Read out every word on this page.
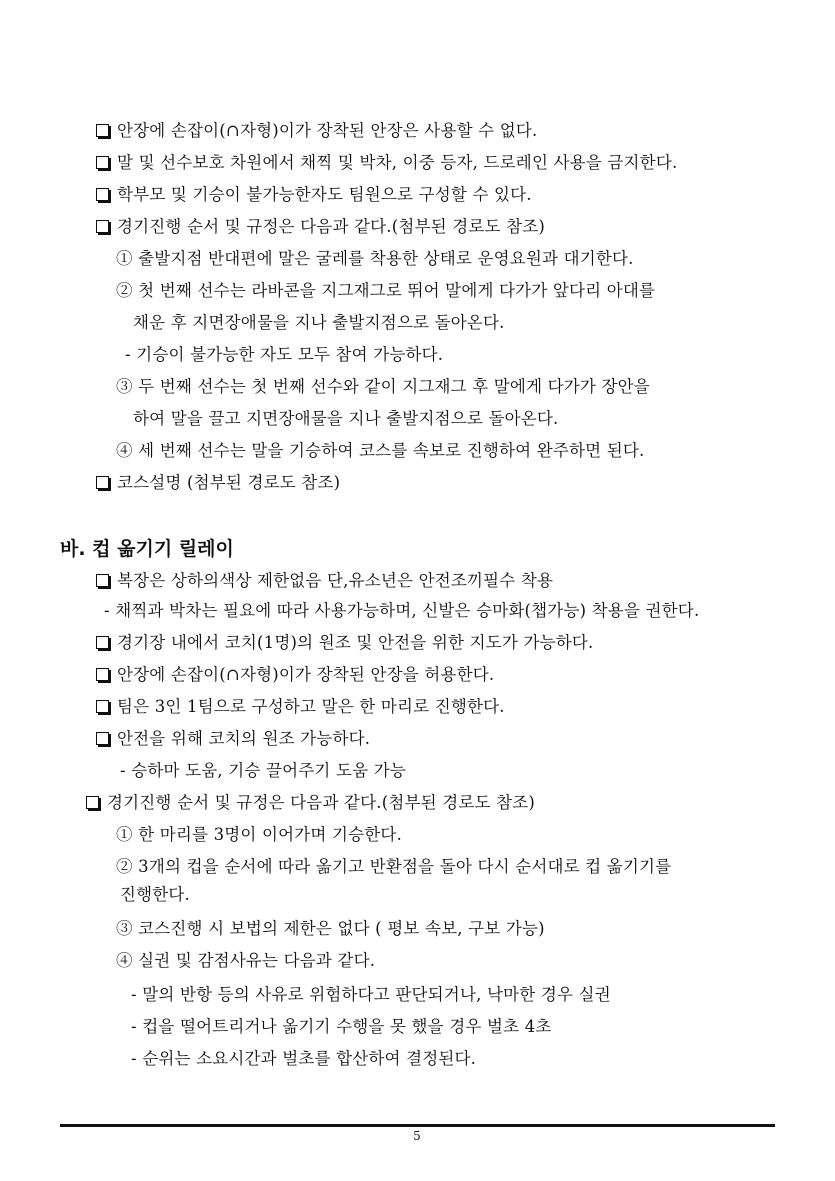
안장에 손잡이(∩자형)이가 장착된 안장은 사용할 수 없다.
말 및 선수보호 차원에서 채찍 및 박차, 이중 등자, 드로레인 사용을 금지한다.
학부모 및 기승이 불가능한자도 팀원으로 구성할 수 있다.
경기진행 순서 및 규정은 다음과 같다.(첨부된 경로도 참조)
① 출발지점 반대편에 말은 굴레를 착용한 상태로 운영요원과 대기한다.
② 첫 번째 선수는 라바콘을 지그재그로 뛰어 말에게 다가가 앞다리 아대를
채운 후 지면장애물을 지나 출발지점으로 돌아온다.
- 기승이 불가능한 자도 모두 참여 가능하다.
③ 두 번째 선수는 첫 번째 선수와 같이 지그재그 후 말에게 다가가 장안을
하여 말을 끌고 지면장애물을 지나 출발지점으로 돌아온다.
④ 세 번째 선수는 말을 기승하여 코스를 속보로 진행하여 완주하면 된다.
코스설명 (첨부된 경로도 참조)
바. 컵 옮기기 릴레이
복장은 상하의색상 제한없음 단,유소년은 안전조끼필수 착용
- 채찍과 박차는 필요에 따라 사용가능하며, 신발은 승마화(챕가능) 착용을 권한다.
경기장 내에서 코치(1명)의 원조 및 안전을 위한 지도가 가능하다.
안장에 손잡이(∩자형)이가 장착된 안장을 허용한다.
팀은 3인 1팀으로 구성하고 말은 한 마리로 진행한다.
안전을 위해 코치의 원조 가능하다.
- 승하마 도움, 기승 끌어주기 도움 가능
경기진행 순서 및 규정은 다음과 같다.(첨부된 경로도 참조)
① 한 마리를 3명이 이어가며 기승한다.
② 3개의 컵을 순서에 따라 옮기고 반환점을 돌아 다시 순서대로 컵 옮기기를
진행한다.
③ 코스진행 시 보법의 제한은 없다 ( 평보 속보, 구보 가능)
④ 실권 및 감점사유는 다음과 같다.
- 말의 반항 등의 사유로 위험하다고 판단되거나, 낙마한 경우 실권
- 컵을 떨어트리거나 옮기기 수행을 못 했을 경우 벌초 4초
- 순위는 소요시간과 벌초를 합산하여 결정된다.
5
